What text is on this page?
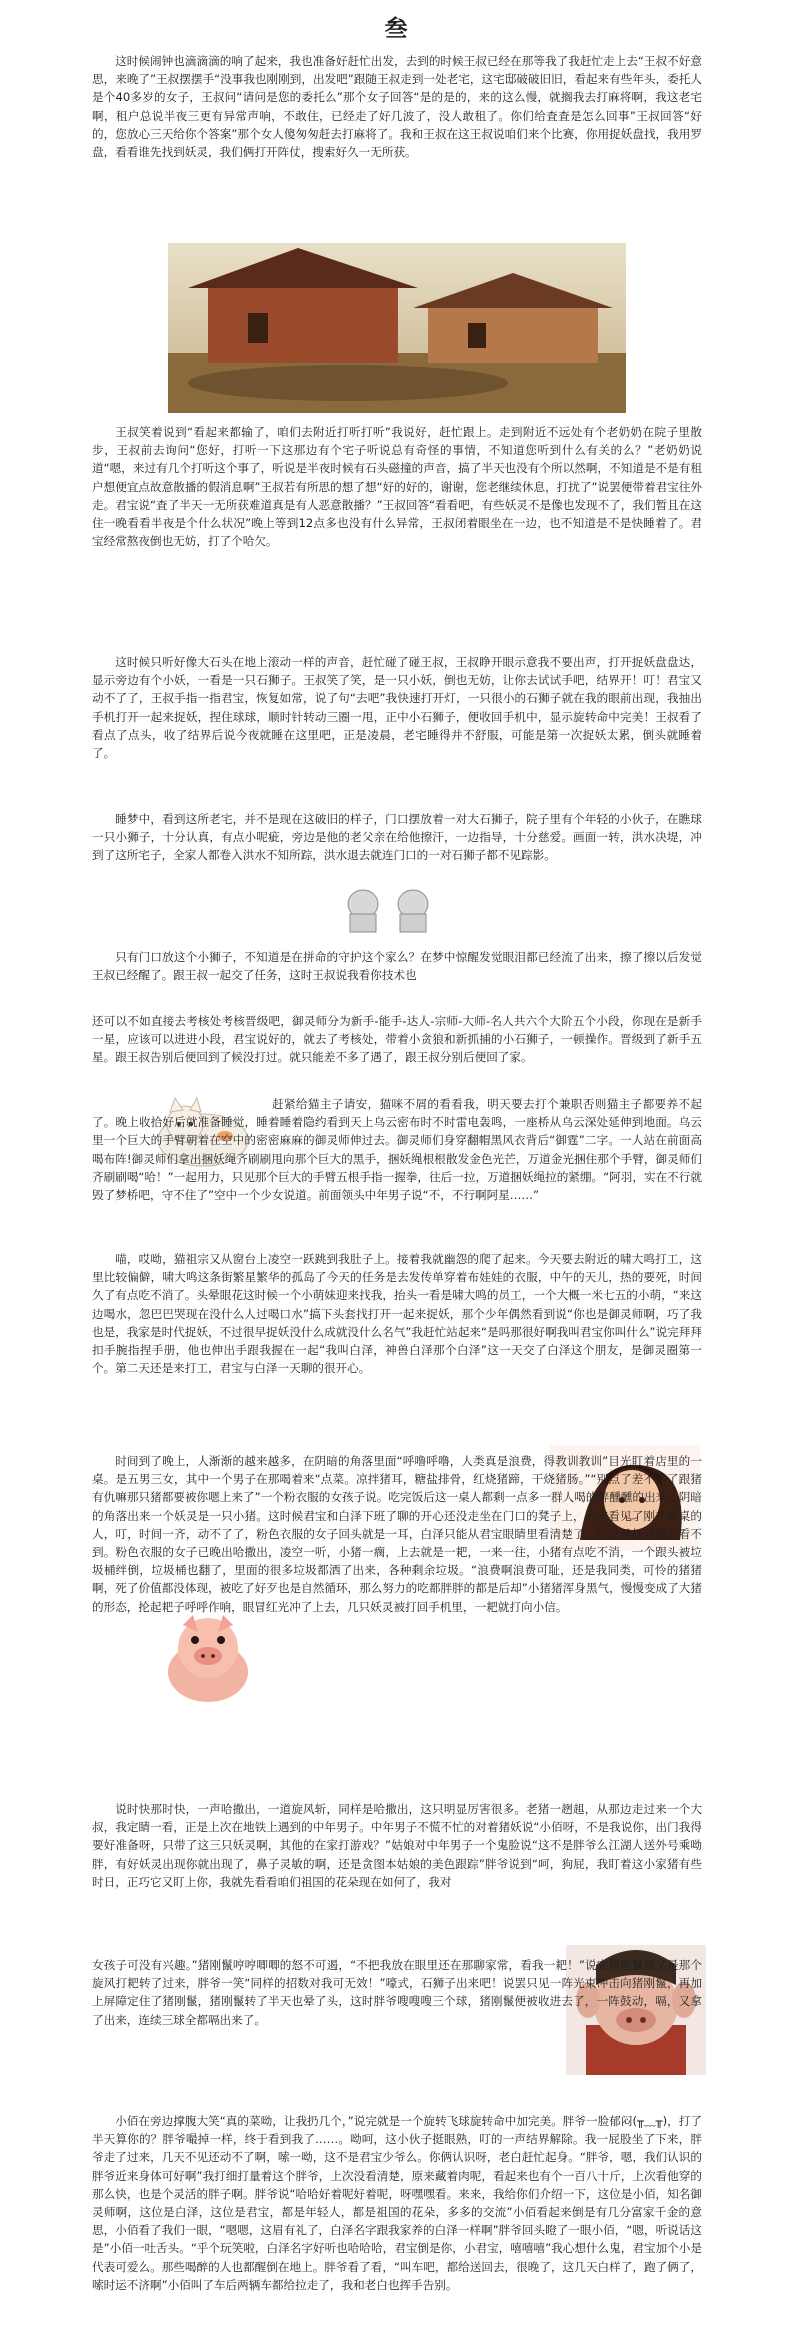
叁

这时候闹钟也滴滴滴的响了起来，我也准备好赶忙出发，去到的时候王叔已经在那等我了我赶忙走上去“王叔不好意思，来晚了”王叔摆摆手“没事我也刚刚到，出发吧”跟随王叔走到一处老宅，这宅邸破破旧旧，看起来有些年头，委托人是个40多岁的女子，王叔问“请问是您的委托么”那个女子回答“是的是的，来的这么慢，就搁我去打麻将啊，我这老宅啊，租户总说半夜三更有异常声响，不敢住，已经走了好几波了，没人敢租了。你们给査査是怎么回事”王叔回答“好的，您放心三天给你个答案”那个女人傻匆匆赶去打麻将了。我和王叔在这王叔说咱们来个比赛，你用捉妖盘找，我用罗盘，看看谁先找到妖灵，我们俩打开阵仗，搜索好久一无所获。

王叔笑着说到“看起来都输了，咱们去附近打听打听”我说好，赶忙跟上。走到附近不远处有个老奶奶在院子里散步，王叔前去询问“您好，打听一下这那边有个宅子听说总有奇怪的事情，不知道您听到什么有关的么？”老奶奶说道“嗯，来过有几个打听这个事了，听说是半夜时候有石头磁撞的声音，搞了半天也没有个所以然啊，不知道是不是有租户想便宜点故意散播的假消息啊”王叔若有所思的想了想“好的好的，谢谢，您老继续休息，打扰了”说罢便带着君宝往外走。君宝说“査了半天一无所获难道真是有人恶意散播？”王叔回答“看看吧，有些妖灵不是像也发现不了，我们暂且在这住一晚看看半夜是个什么状况”晚上等到12点多也没有什么异常，王叔闭着眼坐在一边，也不知道是不是快睡着了。君宝经常熬夜倒也无妨，打了个哈欠。

这时候只听好像大石头在地上滚动一样的声音，赶忙碰了碰王叔，王叔睁开眼示意我不要出声，打开捉妖盘盘达，显示旁边有个小妖，一看是一只石狮子。王叔笑了笑，是一只小妖，倒也无妨，让你去试试手吧，结界开！叮！君宝又动不了了，王叔手指一指君宝，恢复如常，说了句“去吧”我快速打开灯，一只很小的石狮子就在我的眼前出现，我抽出手机打开一起来捉妖，捏住球球，顺时针转动三圈一甩，正中小石狮子，便收回手机中，显示旋转命中完美！王叔看了看点了点头，收了结界后说今夜就睡在这里吧，正是凌晨，老宅睡得并不舒服，可能是第一次捉妖太累，倒头就睡着了。

睡梦中，看到这所老宅，并不是现在这破旧的样子，门口摆放着一对大石狮子，院子里有个年轻的小伙子，在瞧球一只小狮子，十分认真，有点小呢疵，旁边是他的老父亲在给他擦汗，一边指导，十分慈爱。画面一转，洪水决堤，冲到了这所宅子，全家人都卷入洪水不知所踪，洪水退去就连门口的一对石狮子都不见踪影。

只有门口放这个小狮子，不知道是在拼命的守护这个家么？在梦中惊醒发觉眼泪都已经流了出来，擦了擦以后发觉王叔已经醒了。跟王叔一起交了任务，这时王叔说我看你技术也

还可以不如直接去考核处考核晋级吧，御灵师分为新手-能手-达人-宗师-大师-名人共六个大阶五个小段，你现在是新手一星，应该可以进进小段，君宝说好的，就去了考核处，带着小贪狼和新抓捕的小石狮子，一顿操作。晋级到了新手五星。跟王叔告别后便回到了候没打过。就只能差不多了遇了，跟王叔分别后便回了家。

赶紧给猫主子请安，猫咪不屑的看看我，明天要去打个兼职否则猫主子都要养不起了。晚上收拾好后就准备睡觉，睡着睡着隐约看到天上乌云密布时不时雷电轰鸣，一座桥从乌云深处延伸到地面。乌云里一个巨大的手臂朝着在空中的密密麻麻的御灵师伸过去。御灵师们身穿翻帽黑风衣背后“御霆”二字。一人站在前面高喝布阵!御灵师们拿出捆妖绳齐刷刷甩向那个巨大的黑手，捆妖绳根根散发金色光芒，万道金光捆住那个手臂，御灵师们齐刷刷喝“哈！”一起用力，只见那个巨大的手臂五根手指一握拳，往后一拉，万道捆妖绳拉的紧绷。“阿羽，实在不行就毁了梦桥吧，守不住了”空中一个少女说道。前面领头中年男子说“不，不行啊阿星……”

喵，哎呦，猫祖宗又从窗台上凌空一跃跳到我肚子上。接着我就幽怨的爬了起来。今天要去附近的啸大鸣打工，这里比较偏僻，啸大鸣这条街繁星繁华的孤岛了今天的任务是去发传单穿着布娃娃的衣服，中午的天儿，热的要死，时间久了有点吃不消了。头晕眼花这时候一个小萌妹迎来找我，抬头一看是啸大鸣的员工，一个大概一米七五的小萌，“来这边喝水，忽巴巴哭现在没什么人过喝口水”搞下头套找打开一起来捉妖，那个少年偶然看到说“你也是御灵师啊，巧了我也是，我家是时代捉妖，不过很早捉妖没什么成就没什么名气”我赶忙站起来“是吗那很好啊我叫君宝你叫什么”说完拜拜扣手腕指捏手册，他也伸出手跟我握在一起“我叫白泽，神兽白泽那个白泽”这一天交了白泽这个朋友，是御灵圈第一个。第二天还是来打工，君宝与白泽一天聊的很开心。

时间到了晚上，人渐渐的越来越多，在阴暗的角落里面“呼噜呼噜，人类真是浪费，得教训教训”目光盯着店里的一桌。是五男三女，其中一个男子在那喝着来“点菜。凉拌猪耳，糖盐排骨，红烧猪蹄，干烧猪肠。”“别点了差不多了跟猪有仇嘛那只猪都要被你嗯上来了”一个粉衣服的女孩子说。吃完饭后这一桌人都剩一点多一群人喝的醉醺醺的出来，阴暗的角落出来一个妖灵是一只小猪。这时候君宝和白泽下班了聊的开心还没走坐在门口的凳子上，君宝看见了刚才那桌的人，叮，时间一齐，动不了了，粉色衣服的女子回头就是一耳，白泽只能从君宝眼睛里看清楚了。白泽是好对看的看不到。粉色衣服的女子已晚出哈撒出，凌空一听，小猪一瘸，上去就是一耙，一来一往，小猪有点吃不消，一个跟头被垃圾桶绊倒，垃圾桶也翻了，里面的很多垃圾都洒了出来，各种剩余垃圾。“浪费啊浪费可耻，还是我同类，可怜的猪猪啊，死了价值都没体现，被吃了好歹也是自然循环，那么努力的吃都胖胖的都是后却”小猪猪浑身黑气，慢慢变成了大猪的形态，抡起耙子呼呼作响，眼冒红光冲了上去，几只妖灵被打回手机里，一耙就打向小信。

说时快那时快，一声哈撒出，一道旋风斩，同样是哈撒出，这只明显厉害很多。老猪一趔趄，从那边走过来一个大叔，我定睛一看，正是上次在地铁上遇到的中年男子。中年男子不慌不忙的对着猪妖说“小佰呀，不是我说你，出门我得要好准备呀，只带了这三只妖灵啊，其他的在家打游戏？”姑娘对中年男子一个鬼脸说“这不是胖爷么江湖人送外号乘呦胖，有好妖灵出现你就出现了，鼻子灵敏的啊，还是贪图本姑娘的美色跟踪”胖爷说到“呵，狗屁，我盯着这小家猪有些时日，正巧它又盯上你，我就先看看咱们祖国的花朵现在如何了，我对

女孩子可没有兴趣。”猪刚鬣哼哼唧唧的怒不可遏，“不把我放在眼里还在那聊家常，看我一耙！”说完猪刚鬣便又是那个旋风打耙转了过来，胖爷一笑“同样的招数对我可无效！”嚎式，石狮子出来吧！说罢只见一阵光束冲击向猪刚鬣，再加上屏障定住了猪刚鬣，猪刚鬣转了半天也晕了头，这时胖爷嗖嗖嗖三个球，猪刚鬣便被收进去了，一阵鼓动，嗝，又拿了出来，连续三球全都嗝出来了。

小佰在旁边撑腹大笑“真的菜呦，让我扔几个，”说完就是一个旋转飞球旋转命中加完美。胖爷一脸郁闷(╥﹏╥)，打了半天算你的？胖爷嘬掉一样，终于看到我了……。呦呵，这小伙子挺眼熟，叮的一声结界解除。我一屁股坐了下来，胖爷走了过来，几天不见还动不了啊，嗦一呦，这不是君宝少爷么。你俩认识呀，老白赶忙起身。“胖爷，嗯，我们认识的胖爷近来身体可好啊”我打细打量着这个胖爷，上次没看清楚，原来藏着肉呢，看起来也有个一百八十斤，上次看他穿的那么快，也是个灵活的胖子啊。胖爷说“哈哈好着呢好着呢，呀嘿嘿看。来来，我给你们介绍一下，这位是小佰，知名御灵师啊，这位是白泽，这位是君宝，都是年轻人，都是祖国的花朵，多多的交流”小佰看起来倒是有几分富家千金的意思，小佰看了我们一眼，“嗯嗯，这眉有礼了，白泽名字跟我家养的白泽一样啊”胖爷回头瞪了一眼小佰，“嗯，听说话这是”小佰一吐舌头。“乎个玩笑啦，白泽名字好听也哈哈哈，君宝倒是你，小君宝，嘻嘻嘻”我心想什么鬼，君宝加个小是代表可爱么。那些喝醉的人也都醒倒在地上。胖爷看了看，“叫车吧，都给送回去，很晚了，这几天白样了，跑了俩了，嗦时运不济啊”小佰叫了车后两辆车都给拉走了，我和老白也挥手告别。
